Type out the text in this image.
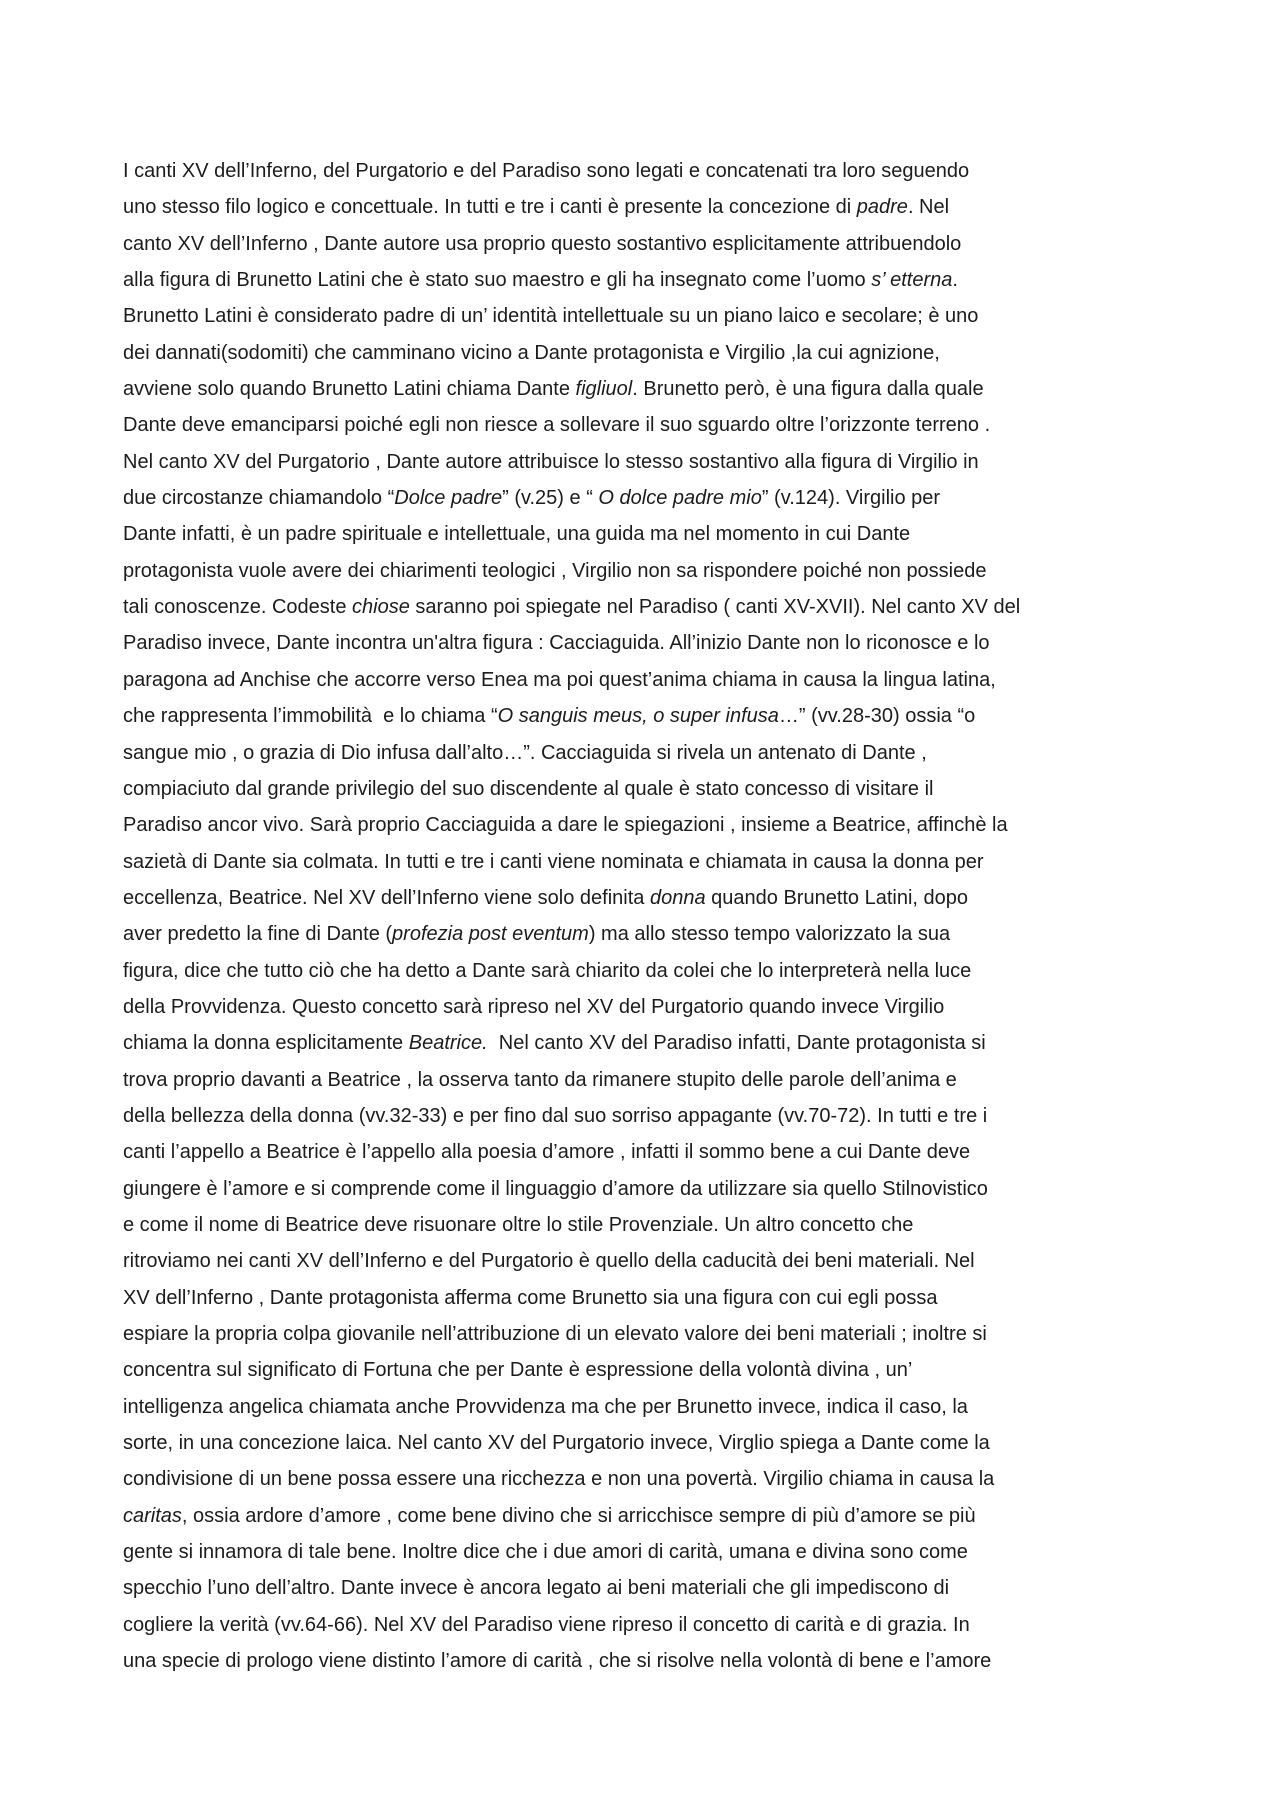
I canti XV dell’Inferno, del Purgatorio e del Paradiso sono legati e concatenati tra loro seguendo
uno stesso filo logico e concettuale. In tutti e tre i canti è presente la concezione di padre. Nel
canto XV dell’Inferno , Dante autore usa proprio questo sostantivo esplicitamente attribuendolo
alla figura di Brunetto Latini che è stato suo maestro e gli ha insegnato come l’uomo s’ etterna.
Brunetto Latini è considerato padre di un’ identità intellettuale su un piano laico e secolare; è uno
dei dannati(sodomiti) che camminano vicino a Dante protagonista e Virgilio ,la cui agnizione,
avviene solo quando Brunetto Latini chiama Dante figliuol. Brunetto però, è una figura dalla quale
Dante deve emanciparsi poiché egli non riesce a sollevare il suo sguardo oltre l’orizzonte terreno .
Nel canto XV del Purgatorio , Dante autore attribuisce lo stesso sostantivo alla figura di Virgilio in
due circostanze chiamandolo “Dolce padre” (v.25) e “ O dolce padre mio” (v.124). Virgilio per
Dante infatti, è un padre spirituale e intellettuale, una guida ma nel momento in cui Dante
protagonista vuole avere dei chiarimenti teologici , Virgilio non sa rispondere poiché non possiede
tali conoscenze. Codeste chiose saranno poi spiegate nel Paradiso ( canti XV-XVII). Nel canto XV del
Paradiso invece, Dante incontra un'altra figura : Cacciaguida. All’inizio Dante non lo riconosce e lo
paragona ad Anchise che accorre verso Enea ma poi quest’anima chiama in causa la lingua latina,
che rappresenta l’immobilità  e lo chiama “O sanguis meus, o super infusa…” (vv.28-30) ossia “o
sangue mio , o grazia di Dio infusa dall’alto…”. Cacciaguida si rivela un antenato di Dante ,
compiaciuto dal grande privilegio del suo discendente al quale è stato concesso di visitare il
Paradiso ancor vivo. Sarà proprio Cacciaguida a dare le spiegazioni , insieme a Beatrice, affinchè la
sazietà di Dante sia colmata. In tutti e tre i canti viene nominata e chiamata in causa la donna per
eccellenza, Beatrice. Nel XV dell’Inferno viene solo definita donna quando Brunetto Latini, dopo
aver predetto la fine di Dante (profezia post eventum) ma allo stesso tempo valorizzato la sua
figura, dice che tutto ciò che ha detto a Dante sarà chiarito da colei che lo interpreterà nella luce
della Provvidenza. Questo concetto sarà ripreso nel XV del Purgatorio quando invece Virgilio
chiama la donna esplicitamente Beatrice.  Nel canto XV del Paradiso infatti, Dante protagonista si
trova proprio davanti a Beatrice , la osserva tanto da rimanere stupito delle parole dell’anima e
della bellezza della donna (vv.32-33) e per fino dal suo sorriso appagante (vv.70-72). In tutti e tre i
canti l’appello a Beatrice è l’appello alla poesia d’amore , infatti il sommo bene a cui Dante deve
giungere è l’amore e si comprende come il linguaggio d’amore da utilizzare sia quello Stilnovistico
e come il nome di Beatrice deve risuonare oltre lo stile Provenziale. Un altro concetto che
ritroviamo nei canti XV dell’Inferno e del Purgatorio è quello della caducità dei beni materiali. Nel
XV dell’Inferno , Dante protagonista afferma come Brunetto sia una figura con cui egli possa
espiare la propria colpa giovanile nell’attribuzione di un elevato valore dei beni materiali ; inoltre si
concentra sul significato di Fortuna che per Dante è espressione della volontà divina , un’
intelligenza angelica chiamata anche Provvidenza ma che per Brunetto invece, indica il caso, la
sorte, in una concezione laica. Nel canto XV del Purgatorio invece, Virglio spiega a Dante come la
condivisione di un bene possa essere una ricchezza e non una povertà. Virgilio chiama in causa la
caritas, ossia ardore d’amore , come bene divino che si arricchisce sempre di più d’amore se più
gente si innamora di tale bene. Inoltre dice che i due amori di carità, umana e divina sono come
specchio l’uno dell’altro. Dante invece è ancora legato ai beni materiali che gli impediscono di
cogliere la verità (vv.64-66). Nel XV del Paradiso viene ripreso il concetto di carità e di grazia. In
una specie di prologo viene distinto l’amore di carità , che si risolve nella volontà di bene e l’amore
